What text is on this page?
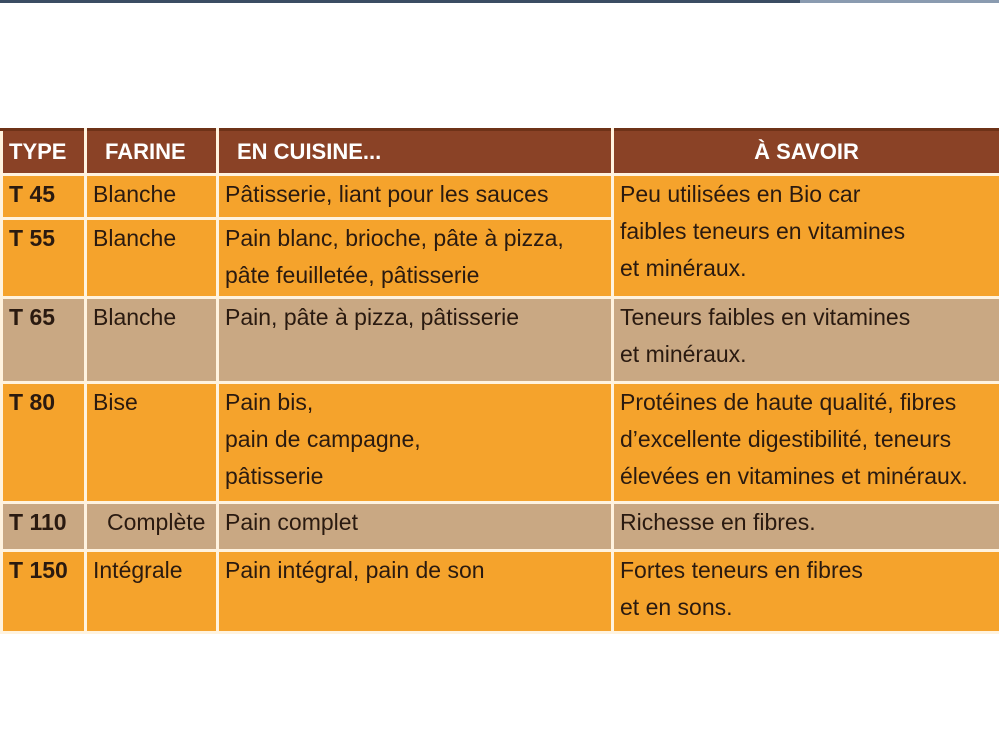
TYPE	FARINE	EN CUISINE...	À SAVOIR
T 45	Blanche	Pâtisserie, liant pour les sauces	Peu utilisées en Bio car
faibles teneurs en vitamines
et minéraux.

T 55	Blanche	Pain blanc, brioche, pâte à pizza,
pâte feuilletée, pâtisserie	

T 65	Blanche	Pain, pâte à pizza, pâtisserie	Teneurs faibles en vitamines
et minéraux.

T 80	Bise	Pain bis,
pain de campagne,
pâtisserie	Protéines de haute qualité, fibres
d’excellente digestibilité, teneurs
élevées en vitamines et minéraux.

T 110	Complète	Pain complet	Richesse en fibres.

T 150	Intégrale	Pain intégral, pain de son	Fortes teneurs en fibres
et en sons.
